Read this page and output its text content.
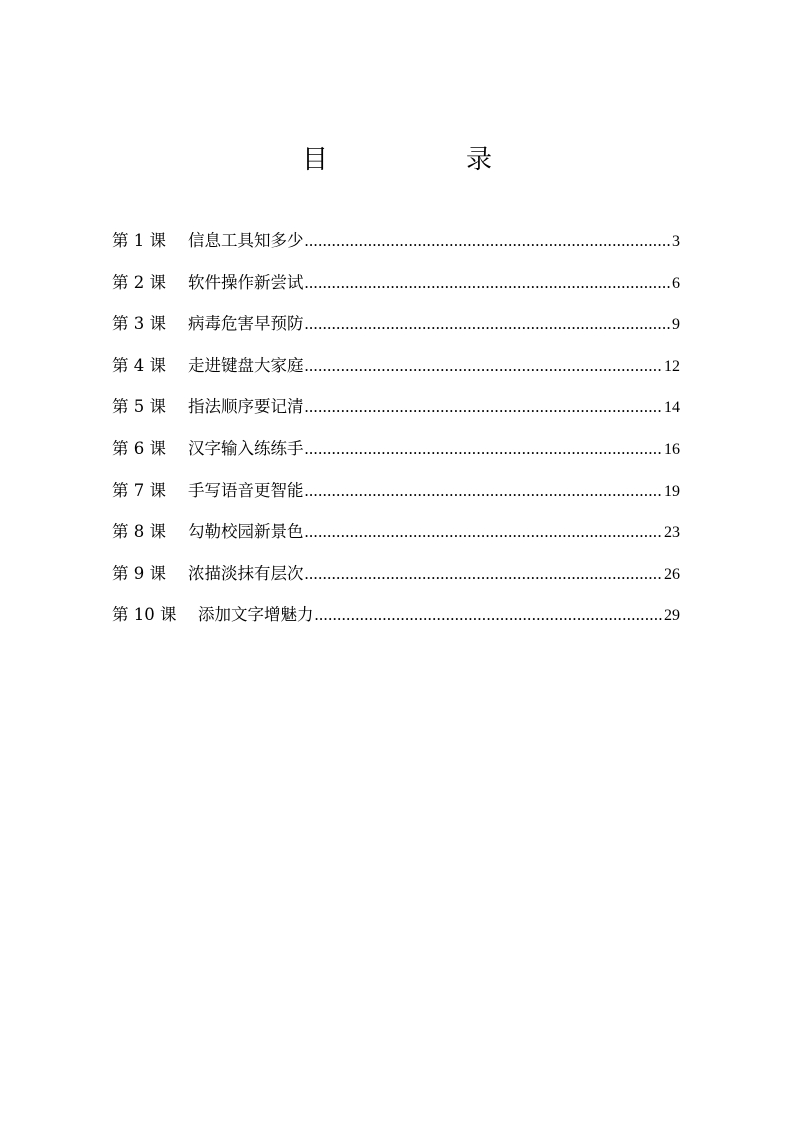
目　录
第 1 课	信息工具知多少 .....	3
第 2 课	软件操作新尝试 .....	6
第 3 课	病毒危害早预防 .....	9
第 4 课	走进键盘大家庭 .....	12
第 5 课	指法顺序要记清 .....	14
第 6 课	汉字输入练练手 .....	16
第 7 课	手写语音更智能 .....	19
第 8 课	勾勒校园新景色 .....	23
第 9 课	浓描淡抹有层次 .....	26
第 10 课	添加文字增魅力 .....	29
